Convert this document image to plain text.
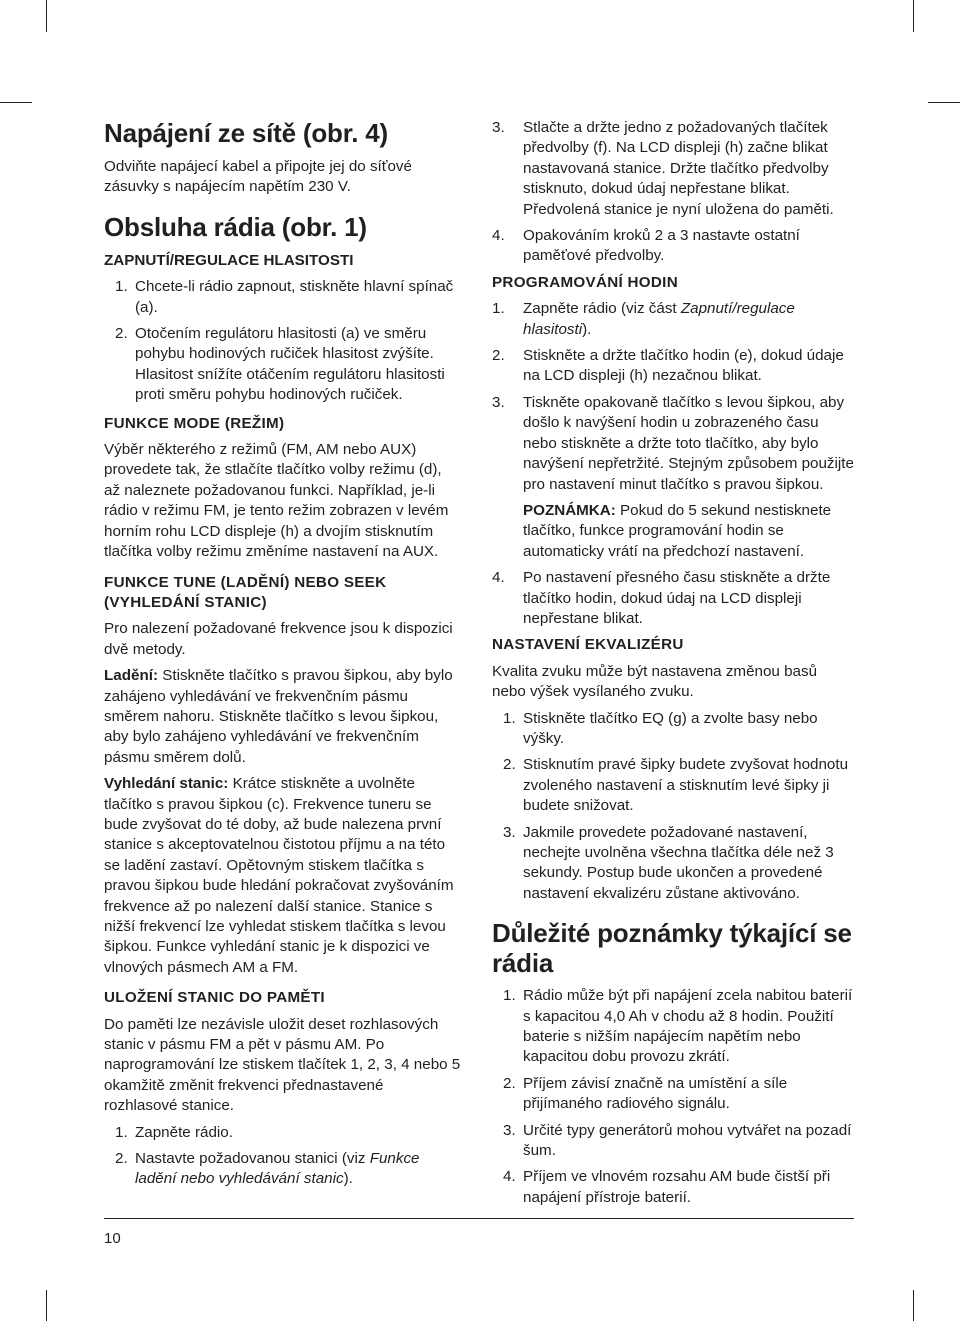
Napájení ze sítě (obr. 4)

Odviňte napájecí kabel a připojte jej do síťové zásuvky s napájecím napětím 230 V.

Obsluha rádia (obr. 1)
ZAPNUTÍ/REGULACE HLASITOSTI
1. Chcete-li rádio zapnout, stiskněte hlavní spínač (a).
2. Otočením regulátoru hlasitosti (a) ve směru pohybu hodinových ručiček hlasitost zvýšíte. Hlasitost snížíte otáčením regulátoru hlasitosti proti směru pohybu hodinových ručiček.
FUNKCE MODE (REŽIM)

Výběr některého z režimů (FM, AM nebo AUX) provedete tak, že stlačíte tlačítko volby režimu (d), až naleznete požadovanou funkci. Například, je-li rádio v režimu FM, je tento režim zobrazen v levém horním rohu LCD displeje (h) a dvojím stisknutím tlačítka volby režimu změníme nastavení na AUX.

FUNKCE TUNE (LADĚNÍ) NEBO SEEK (VYHLEDÁNÍ STANIC)

Pro nalezení požadované frekvence jsou k dispozici dvě metody.

Ladění: Stiskněte tlačítko s pravou šipkou, aby bylo zahájeno vyhledávání ve frekvenčním pásmu směrem nahoru. Stiskněte tlačítko s levou šipkou, aby bylo zahájeno vyhledávání ve frekvenčním pásmu směrem dolů.

Vyhledání stanic: Krátce stiskněte a uvolněte tlačítko s pravou šipkou (c). Frekvence tuneru se bude zvyšovat do té doby, až bude nalezena první stanice s akceptovatelnou čistotou příjmu a na této se ladění zastaví. Opětovným stiskem tlačítka s pravou šipkou bude hledání pokračovat zvyšováním frekvence až po nalezení další stanice. Stanice s nižší frekvencí lze vyhledat stiskem tlačítka s levou šipkou. Funkce vyhledání stanic je k dispozici ve vlnových pásmech AM a FM.

ULOŽENÍ STANIC DO PAMĚTI

Do paměti lze nezávisle uložit deset rozhlasových stanic v pásmu FM a pět v pásmu AM. Po naprogramování lze stiskem tlačítek 1, 2, 3, 4 nebo 5 okamžitě změnit frekvenci přednastavené rozhlasové stanice.

1. Zapněte rádio.
2. Nastavte požadovanou stanici (viz Funkce ladění nebo vyhledávání stanic).
3.	Stlačte a držte jedno z požadovaných tlačítek předvolby (f). Na LCD displeji (h) začne blikat nastavovaná stanice. Držte tlačítko předvolby stisknuto, dokud údaj nepřestane blikat. Předvolená stanice je nyní uložena do paměti.
4.	Opakováním kroků 2 a 3 nastavte ostatní paměťové předvolby.
PROGRAMOVÁNÍ HODIN
1.	Zapněte rádio (viz část Zapnutí/regulace hlasitosti).
2.	Stiskněte a držte tlačítko hodin (e), dokud údaje na LCD displeji (h) nezačnou blikat.
3.	Tiskněte opakovaně tlačítko s levou šipkou, aby došlo k navýšení hodin u zobrazeného času nebo stiskněte a držte toto tlačítko, aby bylo navýšení nepřetržité. Stejným způsobem použijte pro nastavení minut tlačítko s pravou šipkou.
POZNÁMKA: Pokud do 5 sekund nestisknete tlačítko, funkce programování hodin se automaticky vrátí na předchozí nastavení.
4.	Po nastavení přesného času stiskněte a držte tlačítko hodin, dokud údaj na LCD displeji nepřestane blikat.
NASTAVENÍ EKVALIZÉRU

Kvalita zvuku může být nastavena změnou basů nebo výšek vysílaného zvuku.

1. Stiskněte tlačítko EQ (g) a zvolte basy nebo výšky.
2. Stisknutím pravé šipky budete zvyšovat hodnotu zvoleného nastavení a stisknutím levé šipky ji budete snižovat.
3. Jakmile provedete požadované nastavení, nechejte uvolněna všechna tlačítka déle než 3 sekundy. Postup bude ukončen a provedené nastavení ekvalizéru zůstane aktivováno.
Důležité poznámky týkající se rádia
1. Rádio může být při napájení zcela nabitou baterií s kapacitou 4,0 Ah v chodu až 8 hodin. Použití baterie s nižším napájecím napětím nebo kapacitou dobu provozu zkrátí.
2. Příjem závisí značně na umístění a síle přijímaného radiového signálu.
3. Určité typy generátorů mohou vytvářet na pozadí šum.
4. Příjem ve vlnovém rozsahu AM bude čistší při napájení přístroje baterií.
10
